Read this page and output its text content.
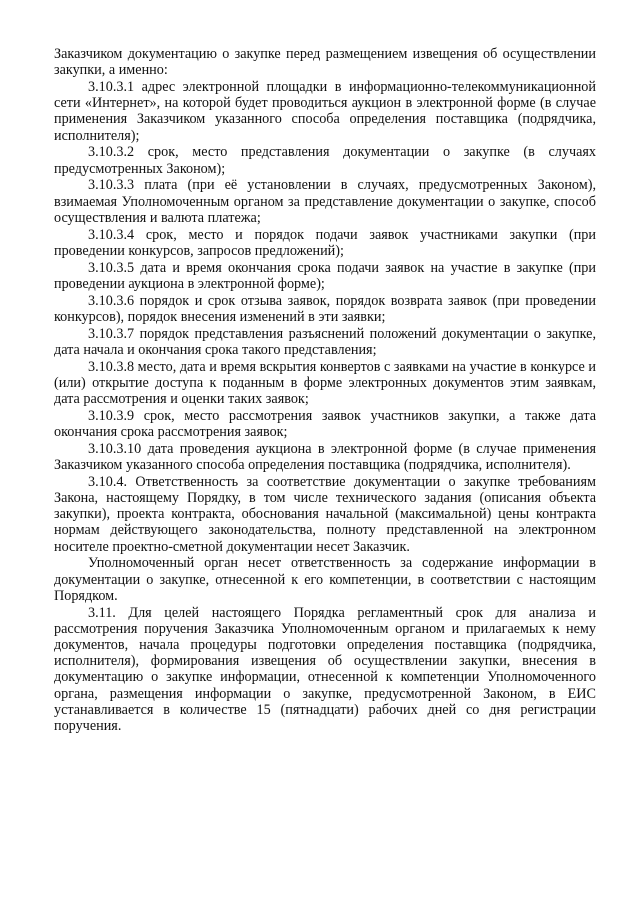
Заказчиком документацию о закупке перед размещением извещения об осуществлении закупки, а именно:

3.10.3.1 адрес электронной площадки в информационно-телекоммуникационной сети «Интернет», на которой будет проводиться аукцион в электронной форме (в случае применения Заказчиком указанного способа определения поставщика (подрядчика, исполнителя);

3.10.3.2 срок, место представления документации о закупке (в случаях предусмотренных Законом);

3.10.3.3 плата (при её установлении в случаях, предусмотренных Законом), взимаемая Уполномоченным органом за представление документации о закупке, способ осуществления и валюта платежа;

3.10.3.4 срок, место и порядок подачи заявок участниками закупки (при проведении конкурсов, запросов предложений);

3.10.3.5 дата и время окончания срока подачи заявок на участие в закупке (при проведении аукциона в электронной форме);

3.10.3.6 порядок и срок отзыва заявок, порядок возврата заявок (при проведении конкурсов), порядок внесения изменений в эти заявки;

3.10.3.7 порядок представления разъяснений положений документации о закупке, дата начала и окончания срока такого представления;

3.10.3.8 место, дата и время вскрытия конвертов с заявками на участие в конкурсе и (или) открытие доступа к поданным в форме электронных документов этим заявкам, дата рассмотрения и оценки таких заявок;

3.10.3.9 срок, место рассмотрения заявок участников закупки, а также дата окончания срока рассмотрения заявок;

3.10.3.10 дата проведения аукциона в электронной форме (в случае применения Заказчиком указанного способа определения поставщика (подрядчика, исполнителя).

3.10.4. Ответственность за соответствие документации о закупке требованиям Закона, настоящему Порядку, в том числе технического задания (описания объекта закупки), проекта контракта, обоснования начальной (максимальной) цены контракта нормам действующего законодательства, полноту представленной на электронном носителе проектно-сметной документации несет Заказчик.

Уполномоченный орган несет ответственность за содержание информации в документации о закупке, отнесенной к его компетенции, в соответствии с настоящим Порядком.

3.11. Для целей настоящего Порядка регламентный срок для анализа и рассмотрения поручения Заказчика Уполномоченным органом и прилагаемых к нему документов, начала процедуры подготовки определения поставщика (подрядчика, исполнителя), формирования извещения об осуществлении закупки, внесения в документацию о закупке информации, отнесенной к компетенции Уполномоченного органа, размещения информации о закупке, предусмотренной Законом, в ЕИС устанавливается в количестве 15 (пятнадцати) рабочих дней со дня регистрации поручения.
